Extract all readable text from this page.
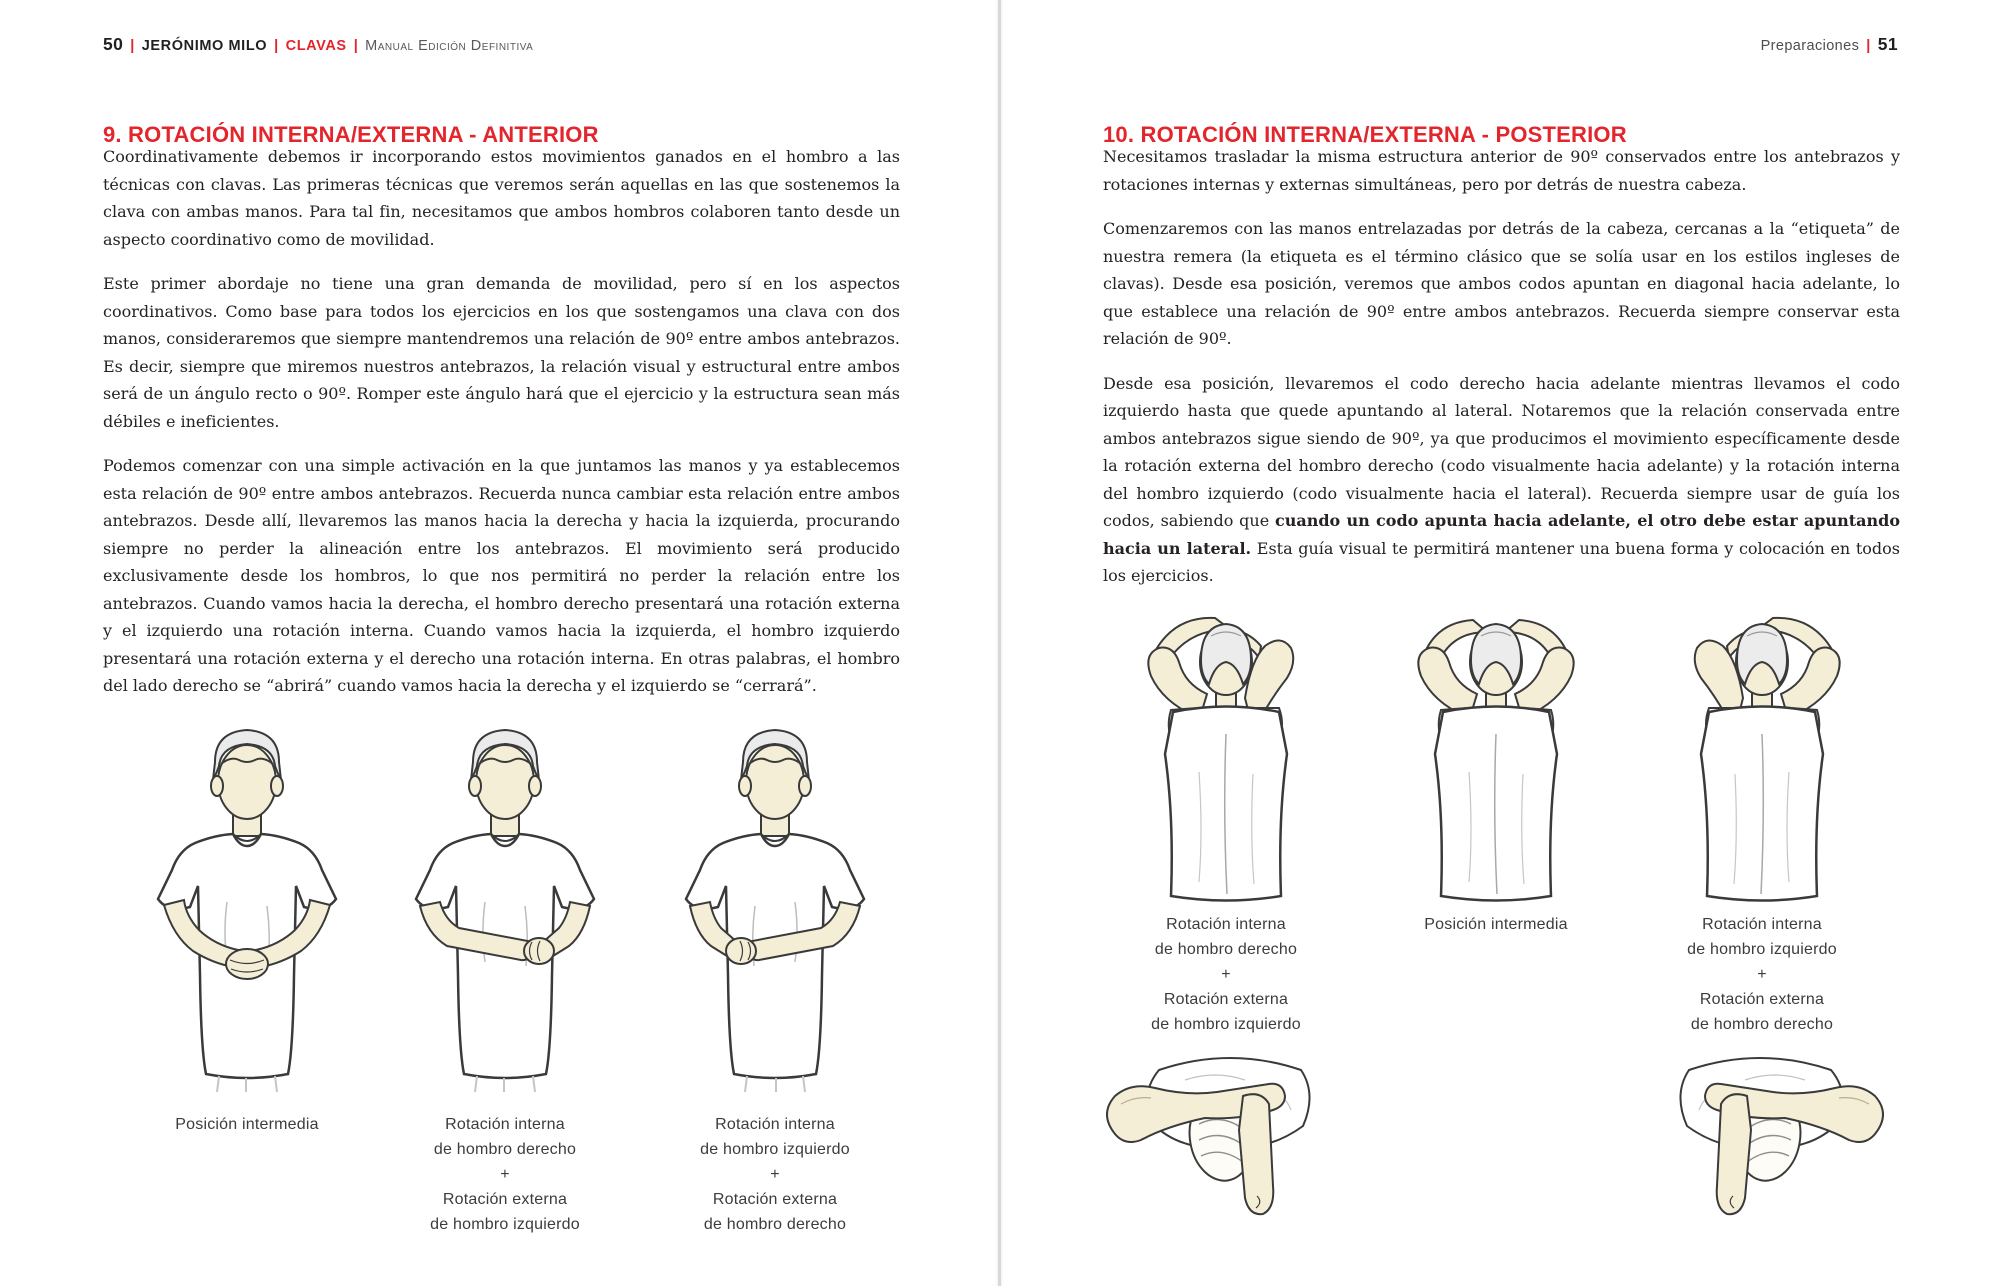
50 | JERÓNIMO MILO | CLAVAS | Manual Edición Definitiva
9. ROTACIÓN INTERNA/EXTERNA - ANTERIOR

Coordinativamente debemos ir incorporando estos movimientos ganados en el hombro a las técnicas con clavas. Las primeras técnicas que veremos serán aquellas en las que sostenemos la clava con ambas manos. Para tal fin, necesitamos que ambos hombros colaboren tanto desde un aspecto coordinativo como de movilidad.

Este primer abordaje no tiene una gran demanda de movilidad, pero sí en los aspectos coordinativos. Como base para todos los ejercicios en los que sostengamos una clava con dos manos, consideraremos que siempre mantendremos una relación de 90º entre ambos antebrazos. Es decir, siempre que miremos nuestros antebrazos, la relación visual y estructural entre ambos será de un ángulo recto o 90º. Romper este ángulo hará que el ejercicio y la estructura sean más débiles e ineficientes.

Podemos comenzar con una simple activación en la que juntamos las manos y ya establecemos esta relación de 90º entre ambos antebrazos. Recuerda nunca cambiar esta relación entre ambos antebrazos. Desde allí, llevaremos las manos hacia la derecha y hacia la izquierda, procurando siempre no perder la alineación entre los antebrazos. El movimiento será producido exclusivamente desde los hombros, lo que nos permitirá no perder la relación entre los antebrazos. Cuando vamos hacia la derecha, el hombro derecho presentará una rotación externa y el izquierdo una rotación interna. Cuando vamos hacia la izquierda, el hombro izquierdo presentará una rotación externa y el derecho una rotación interna. En otras palabras, el hombro del lado derecho se “abrirá” cuando vamos hacia la derecha y el izquierdo se “cerrará”.

Posición intermedia	Rotación interna
de hombro derecho
+
Rotación externa
de hombro izquierdo
Rotación interna
de hombro izquierdo
+
Rotación externa
de hombro derecho
Preparaciones | 51
10. ROTACIÓN INTERNA/EXTERNA - POSTERIOR

Necesitamos trasladar la misma estructura anterior de 90º conservados entre los antebrazos y rotaciones internas y externas simultáneas, pero por detrás de nuestra cabeza.

Comenzaremos con las manos entrelazadas por detrás de la cabeza, cercanas a la “etiqueta” de nuestra remera (la etiqueta es el término clásico que se solía usar en los estilos ingleses de clavas). Desde esa posición, veremos que ambos codos apuntan en diagonal hacia adelante, lo que establece una relación de 90º entre ambos antebrazos. Recuerda siempre conservar esta relación de 90º.

Desde esa posición, llevaremos el codo derecho hacia adelante mientras llevamos el codo izquierdo hasta que quede apuntando al lateral. Notaremos que la relación conservada entre ambos antebrazos sigue siendo de 90º, ya que producimos el movimiento específicamente desde la rotación externa del hombro derecho (codo visualmente hacia adelante) y la rotación interna del hombro izquierdo (codo visualmente hacia el lateral). Recuerda siempre usar de guía los codos, sabiendo que cuando un codo apunta hacia adelante, el otro debe estar apuntando hacia un lateral. Esta guía visual te permitirá mantener una buena forma y colocación en todos los ejercicios.

Rotación interna
de hombro derecho
+
Rotación externa
de hombro izquierdo
Posición intermedia	Rotación interna
de hombro izquierdo
+
Rotación externa
de hombro derecho
